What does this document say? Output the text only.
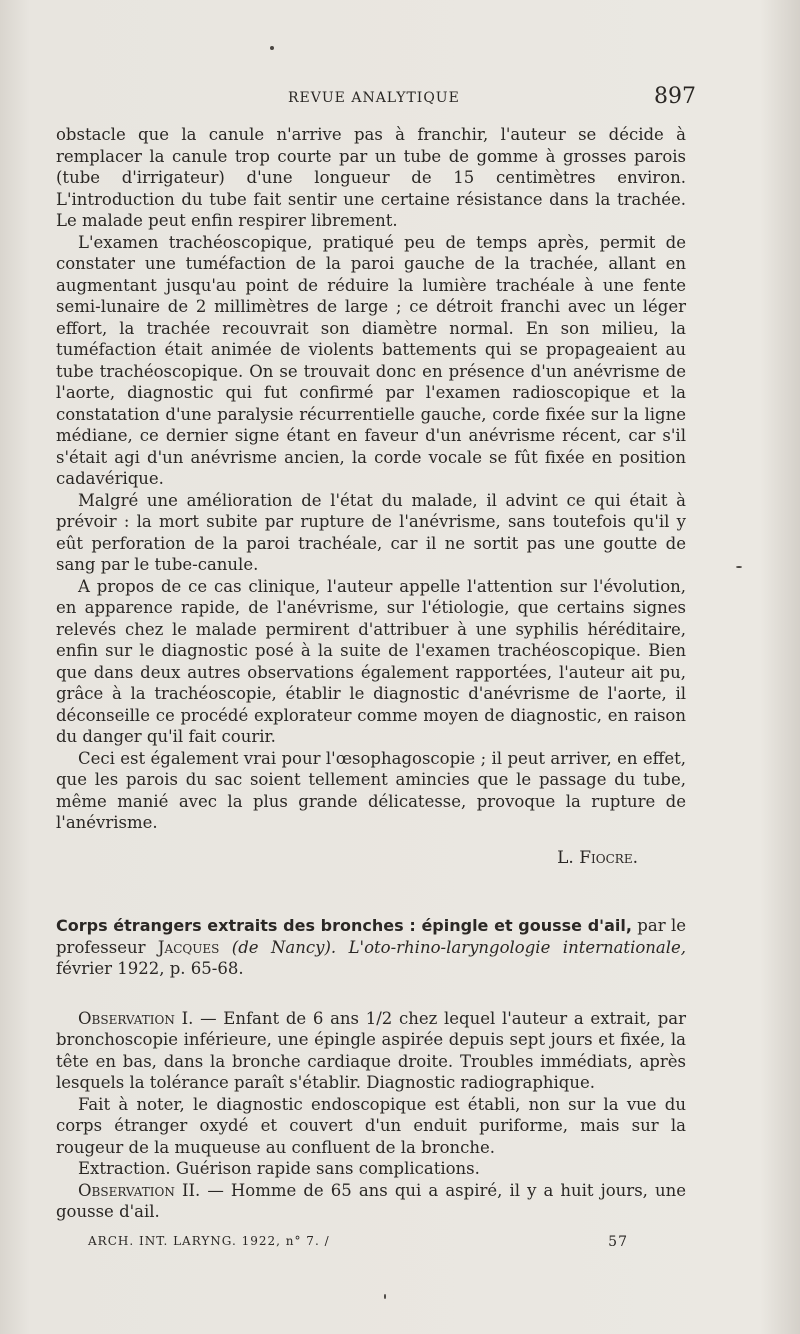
REVUE ANALYTIQUE	897

obstacle que la canule n'arrive pas à franchir, l'auteur se décide à remplacer la canule trop courte par un tube de gomme à grosses parois (tube d'irrigateur) d'une longueur de 15 centimètres environ. L'introduction du tube fait sentir une certaine résistance dans la trachée. Le malade peut enfin respirer librement.

L'examen trachéoscopique, pratiqué peu de temps après, permit de constater une tuméfaction de la paroi gauche de la trachée, allant en augmentant jusqu'au point de réduire la lumière trachéale à une fente semi-lunaire de 2 millimètres de large ; ce détroit franchi avec un léger effort, la trachée recouvrait son diamètre normal. En son milieu, la tuméfaction était animée de violents battements qui se propageaient au tube trachéoscopique. On se trouvait donc en présence d'un anévrisme de l'aorte, diagnostic qui fut confirmé par l'examen radioscopique et la constatation d'une paralysie récurrentielle gauche, corde fixée sur la ligne médiane, ce dernier signe étant en faveur d'un anévrisme récent, car s'il s'était agi d'un anévrisme ancien, la corde vocale se fût fixée en position cadavérique.

Malgré une amélioration de l'état du malade, il advint ce qui était à prévoir : la mort subite par rupture de l'anévrisme, sans toutefois qu'il y eût perforation de la paroi trachéale, car il ne sortit pas une goutte de sang par le tube-canule.

A propos de ce cas clinique, l'auteur appelle l'attention sur l'évolution, en apparence rapide, de l'anévrisme, sur l'étiologie, que certains signes relevés chez le malade permirent d'attribuer à une syphilis héréditaire, enfin sur le diagnostic posé à la suite de l'examen trachéoscopique. Bien que dans deux autres observations également rapportées, l'auteur ait pu, grâce à la trachéoscopie, établir le diagnostic d'anévrisme de l'aorte, il déconseille ce procédé explorateur comme moyen de diagnostic, en raison du danger qu'il fait courir.

Ceci est également vrai pour l'œsophagoscopie ; il peut arriver, en effet, que les parois du sac soient tellement amincies que le passage du tube, même manié avec la plus grande délicatesse, provoque la rupture de l'anévrisme.

L. Fiocre.

Corps étrangers extraits des bronches : épingle et gousse d'ail, par le professeur Jacques (de Nancy). L'oto-rhino-laryngologie internationale, février 1922, p. 65-68.

Observation I. — Enfant de 6 ans 1/2 chez lequel l'auteur a extrait, par bronchoscopie inférieure, une épingle aspirée depuis sept jours et fixée, la tête en bas, dans la bronche cardiaque droite. Troubles immédiats, après lesquels la tolérance paraît s'établir. Diagnostic radiographique.

Fait à noter, le diagnostic endoscopique est établi, non sur la vue du corps étranger oxydé et couvert d'un enduit puriforme, mais sur la rougeur de la muqueuse au confluent de la bronche.

Extraction. Guérison rapide sans complications.

Observation II. — Homme de 65 ans qui a aspiré, il y a huit jours, une gousse d'ail.

ARCH. INT. LARYNG. 1922, n° 7. /	57
